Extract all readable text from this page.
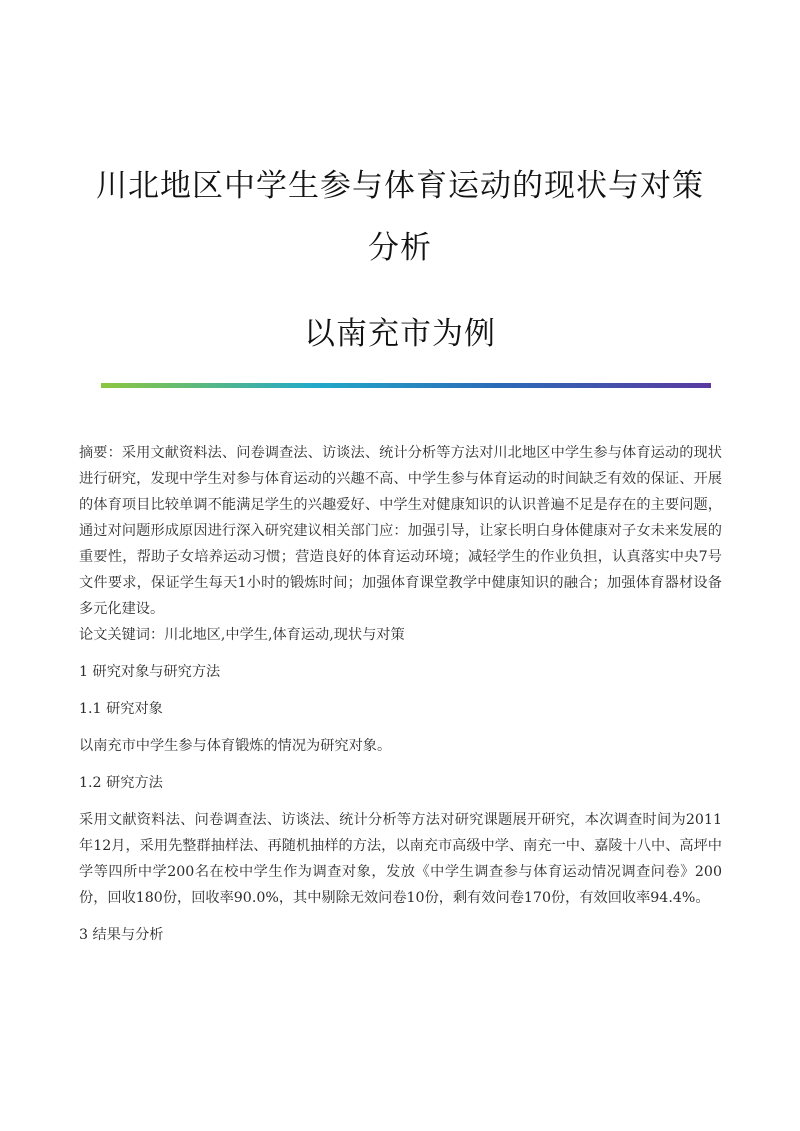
川北地区中学生参与体育运动的现状与对策
分析
以南充市为例

摘要：采用文献资料法、问卷调查法、访谈法、统计分析等方法对川北地区中学生参与体育运动的现状进行研究，发现中学生对参与体育运动的兴趣不高、中学生参与体育运动的时间缺乏有效的保证、开展的体育项目比较单调不能满足学生的兴趣爱好、中学生对健康知识的认识普遍不足是存在的主要问题，通过对问题形成原因进行深入研究建议相关部门应：加强引导，让家长明白身体健康对子女未来发展的重要性，帮助子女培养运动习惯；营造良好的体育运动环境；减轻学生的作业负担，认真落实中央7号文件要求，保证学生每天1小时的锻炼时间；加强体育课堂教学中健康知识的融合；加强体育器材设备多元化建设。

论文关键词：川北地区,中学生,体育运动,现状与对策

1 研究对象与研究方法

1.1 研究对象

以南充市中学生参与体育锻炼的情况为研究对象。

1.2 研究方法

采用文献资料法、问卷调查法、访谈法、统计分析等方法对研究课题展开研究，本次调查时间为2011年12月，采用先整群抽样法、再随机抽样的方法，以南充市高级中学、南充一中、嘉陵十八中、高坪中学等四所中学200名在校中学生作为调查对象，发放《中学生调查参与体育运动情况调查问卷》200份，回收180份，回收率90.0%，其中剔除无效问卷10份，剩有效问卷170份，有效回收率94.4%。

3 结果与分析
